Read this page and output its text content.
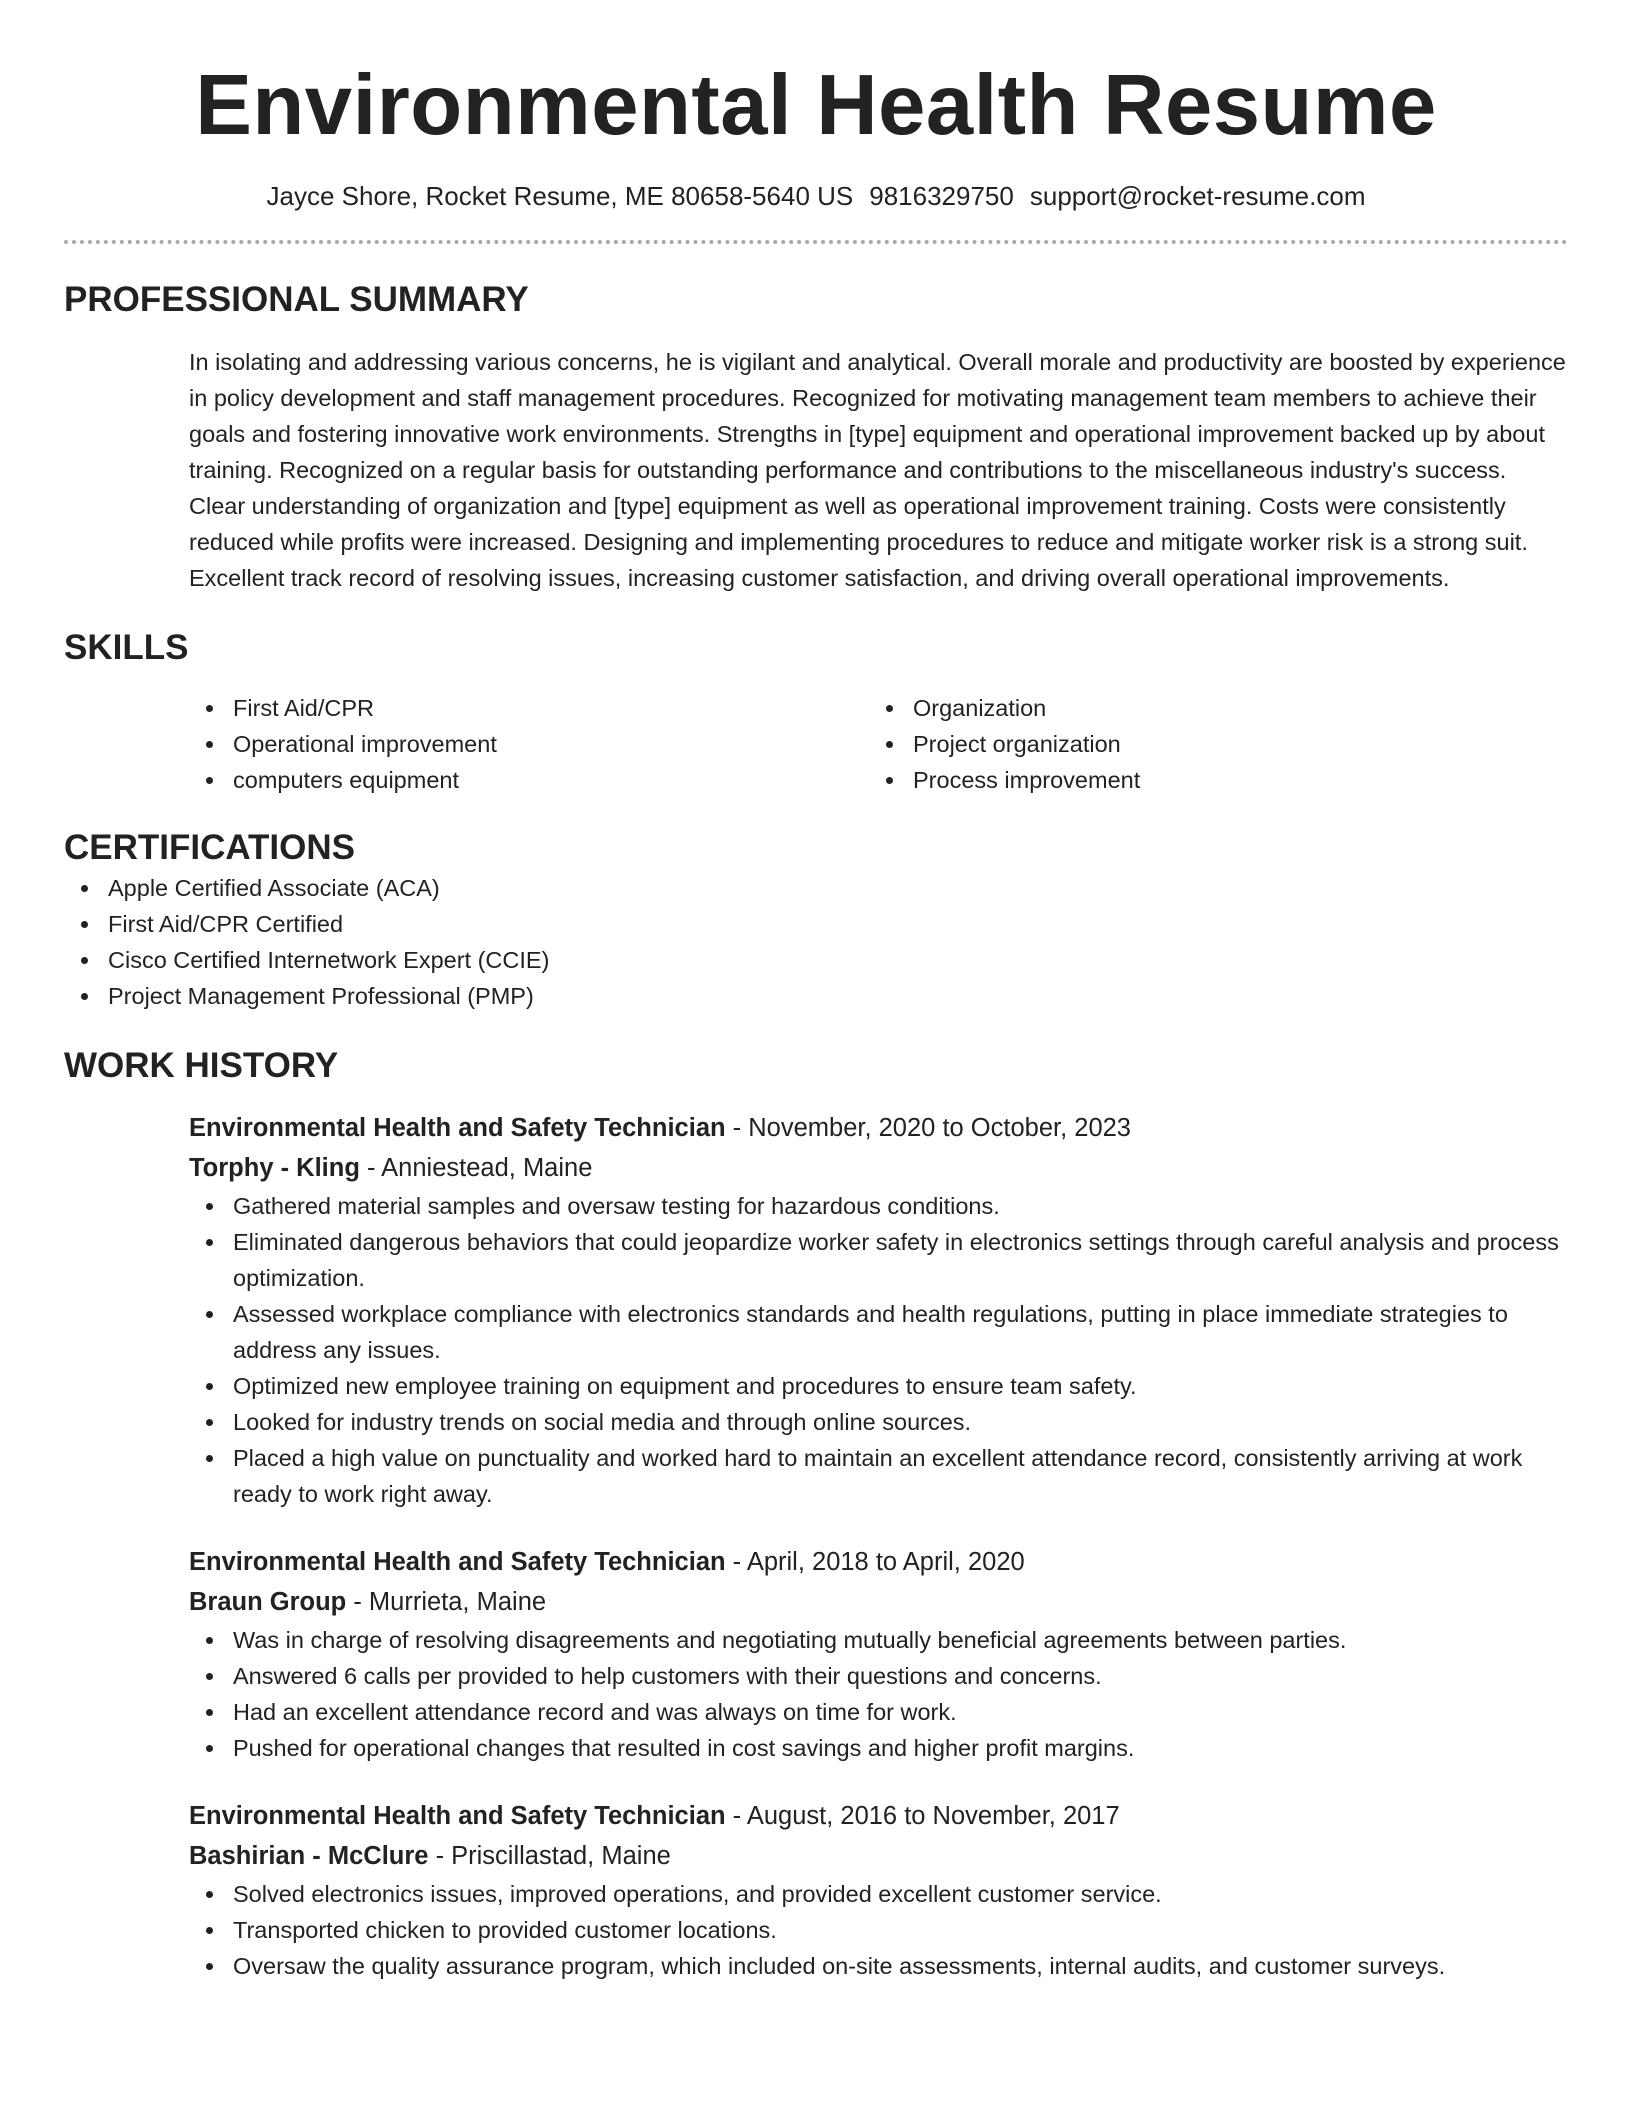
Environmental Health Resume
Jayce Shore, Rocket Resume, ME 80658-5640 US 9816329750 support@rocket-resume.com
PROFESSIONAL SUMMARY

In isolating and addressing various concerns, he is vigilant and analytical. Overall morale and productivity are boosted by experience in policy development and staff management procedures. Recognized for motivating management team members to achieve their goals and fostering innovative work environments. Strengths in [type] equipment and operational improvement backed up by about training. Recognized on a regular basis for outstanding performance and contributions to the miscellaneous industry's success. Clear understanding of organization and [type] equipment as well as operational improvement training. Costs were consistently reduced while profits were increased. Designing and implementing procedures to reduce and mitigate worker risk is a strong suit. Excellent track record of resolving issues, increasing customer satisfaction, and driving overall operational improvements.

SKILLS
First Aid/CPR
Operational improvement
computers equipment
Organization
Project organization
Process improvement
CERTIFICATIONS
Apple Certified Associate (ACA)
First Aid/CPR Certified
Cisco Certified Internetwork Expert (CCIE)
Project Management Professional (PMP)
WORK HISTORY
Environmental Health and Safety Technician - November, 2020 to October, 2023
Torphy - Kling - Anniestead, Maine
Gathered material samples and oversaw testing for hazardous conditions.
Eliminated dangerous behaviors that could jeopardize worker safety in electronics settings through careful analysis and process optimization.
Assessed workplace compliance with electronics standards and health regulations, putting in place immediate strategies to address any issues.
Optimized new employee training on equipment and procedures to ensure team safety.
Looked for industry trends on social media and through online sources.
Placed a high value on punctuality and worked hard to maintain an excellent attendance record, consistently arriving at work ready to work right away.
Environmental Health and Safety Technician - April, 2018 to April, 2020
Braun Group - Murrieta, Maine
Was in charge of resolving disagreements and negotiating mutually beneficial agreements between parties.
Answered 6 calls per provided to help customers with their questions and concerns.
Had an excellent attendance record and was always on time for work.
Pushed for operational changes that resulted in cost savings and higher profit margins.
Environmental Health and Safety Technician - August, 2016 to November, 2017
Bashirian - McClure - Priscillastad, Maine
Solved electronics issues, improved operations, and provided excellent customer service.
Transported chicken to provided customer locations.
Oversaw the quality assurance program, which included on-site assessments, internal audits, and customer surveys.
